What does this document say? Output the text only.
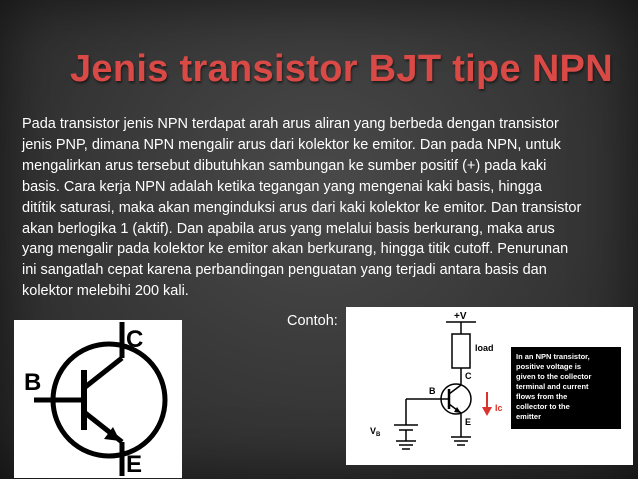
Jenis transistor BJT tipe NPN
Pada transistor jenis NPN terdapat arah arus aliran yang berbeda dengan transistor
jenis PNP, dimana NPN mengalir arus dari kolektor ke emitor. Dan pada NPN, untuk
mengalirkan arus tersebut dibutuhkan sambungan ke sumber positif (+) pada kaki
basis. Cara kerja NPN adalah ketika tegangan yang mengenai kaki basis, hingga
ditítik saturasi, maka akan menginduksi arus dari kaki kolektor ke emitor. Dan transistor
akan berlogika 1 (aktif). Dan apabila arus yang melalui basis berkurang, maka arus
yang mengalir pada kolektor ke emitor akan berkurang, hingga titik cutoff. Penurunan
ini sangatlah cepat karena perbandingan penguatan yang terjadi antara basis dan
kolektor melebihi 200 kali.
Contoh:
C
B
E
+V
load
C
B
E
$V_B$
Ic
In an NPN transistor, positive voltage is given to the collector terminal and current flows from the collector to the emitter
